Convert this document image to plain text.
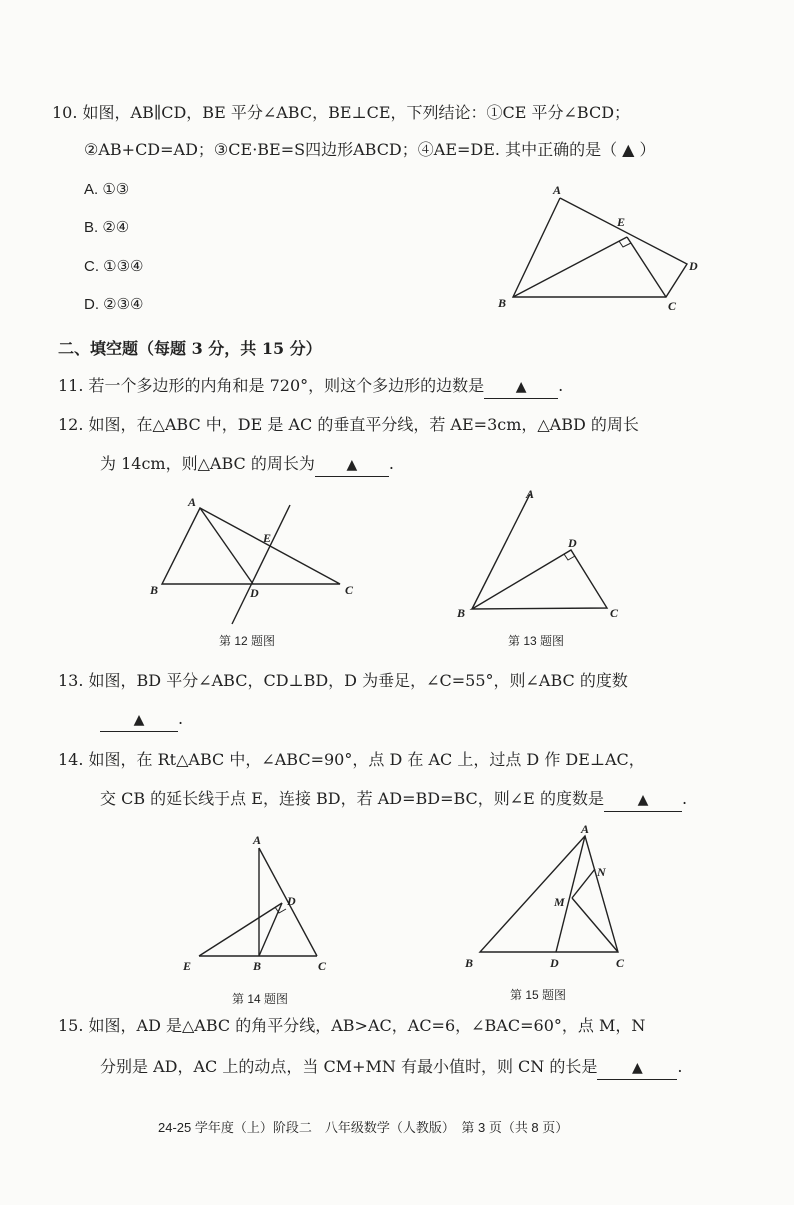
10. 如图，AB∥CD，BE 平分∠ABC，BE⊥CE，下列结论：①CE 平分∠BCD；
②AB+CD=AD；③CE·BE=S四边形ABCD；④AE=DE. 其中正确的是（ ▲ ）
A. ①③
B. ②④
C. ①③④
D. ②③④
A
E
D
B	C
二、填空题（每题 3 分，共 15 分）
11. 若一个多边形的内角和是 720°，则这个多边形的边数是 ▲ .
12. 如图，在△ABC 中，DE 是 AC 的垂直平分线，若 AE=3cm，△ABD 的周长
为 14cm，则△ABC 的周长为 ▲ .
A
E
B	D	C
第 12 题图
A
D
B	C
第 13 题图
13. 如图，BD 平分∠ABC，CD⊥BD，D 为垂足，∠C=55°，则∠ABC 的度数
▲ .
14. 如图，在 Rt△ABC 中，∠ABC=90°，点 D 在 AC 上，过点 D 作 DE⊥AC，
交 CB 的延长线于点 E，连接 BD，若 AD=BD=BC，则∠E 的度数是 ▲ .
A
D
E	B	C
第 14 题图
A
N
M
B	D	C
第 15 题图
15. 如图，AD 是△ABC 的角平分线，AB>AC，AC=6，∠BAC=60°，点 M，N
分别是 AD，AC 上的动点，当 CM+MN 有最小值时，则 CN 的长是 ▲ .
24-25 学年度（上）阶段二　八年级数学（人教版）　第 3 页（共 8 页）
